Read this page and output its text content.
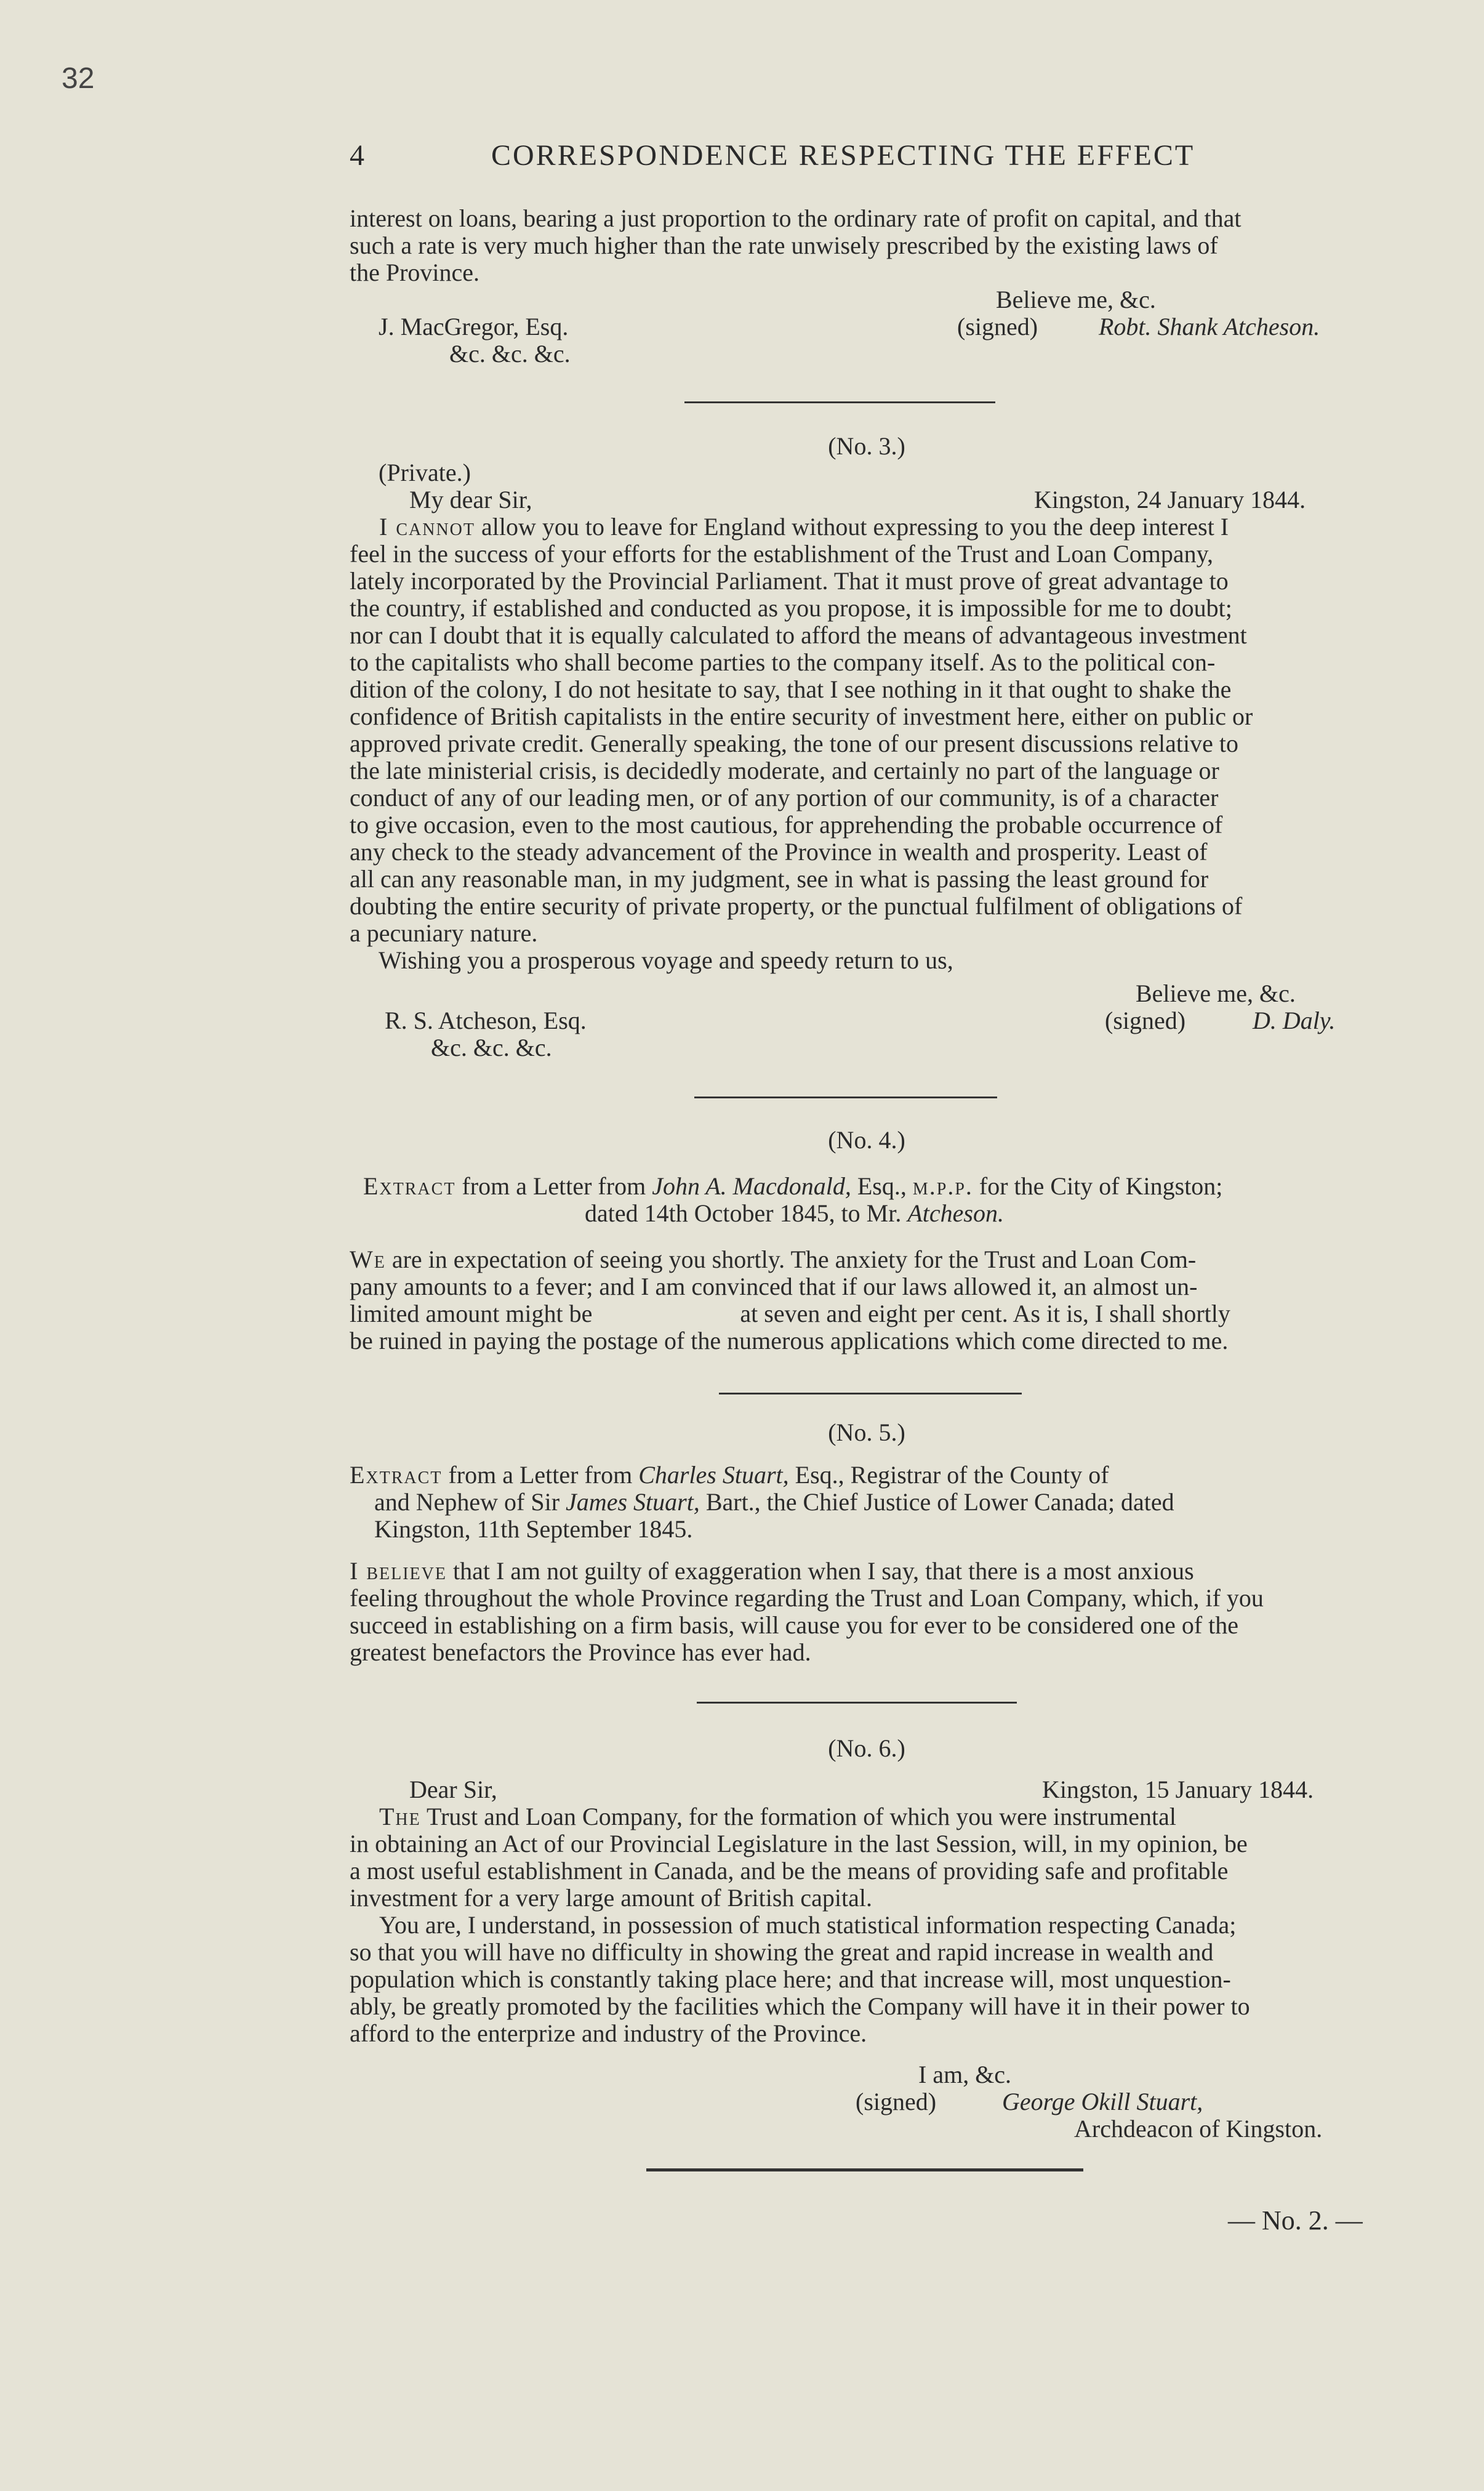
32
4	CORRESPONDENCE RESPECTING THE EFFECT

interest on loans, bearing a just proportion to the ordinary rate of profit on capital, and that

such a rate is very much higher than the rate unwisely prescribed by the existing laws of

the Province.

Believe me, &c.
J. MacGregor, Esq.	(signed) Robt. Shank Atcheson.
&c. &c. &c.
(No. 3.)
(Private.)
My dear Sir,	Kingston, 24 January 1844.

I cannot allow you to leave for England without expressing to you the deep interest I

feel in the success of your efforts for the establishment of the Trust and Loan Company,

lately incorporated by the Provincial Parliament. That it must prove of great advantage to

the country, if established and conducted as you propose, it is impossible for me to doubt;

nor can I doubt that it is equally calculated to afford the means of advantageous investment

to the capitalists who shall become parties to the company itself. As to the political con-

dition of the colony, I do not hesitate to say, that I see nothing in it that ought to shake the

confidence of British capitalists in the entire security of investment here, either on public or

approved private credit. Generally speaking, the tone of our present discussions relative to

the late ministerial crisis, is decidedly moderate, and certainly no part of the language or

conduct of any of our leading men, or of any portion of our community, is of a character

to give occasion, even to the most cautious, for apprehending the probable occurrence of

any check to the steady advancement of the Province in wealth and prosperity. Least of

all can any reasonable man, in my judgment, see in what is passing the least ground for

doubting the entire security of private property, or the punctual fulfilment of obligations of

a pecuniary nature.

Wishing you a prosperous voyage and speedy return to us,
Believe me, &c.
R. S. Atcheson, Esq.	(signed)	D. Daly.
&c. &c. &c.
(No. 4.)
Extract from a Letter from John A. Macdonald, Esq., m.p.p. for the City of Kingston;
dated 14th October 1845, to Mr. Atcheson.

We are in expectation of seeing you shortly. The anxiety for the Trust and Loan Com-

pany amounts to a fever; and I am convinced that if our laws allowed it, an almost un-

limited amount might be                        at seven and eight per cent. As it is, I shall shortly

be ruined in paying the postage of the numerous applications which come directed to me.

(No. 5.)
Extract from a Letter from Charles Stuart, Esq., Registrar of the County of
and Nephew of Sir James Stuart, Bart., the Chief Justice of Lower Canada; dated
Kingston, 11th September 1845.

I believe that I am not guilty of exaggeration when I say, that there is a most anxious

feeling throughout the whole Province regarding the Trust and Loan Company, which, if you

succeed in establishing on a firm basis, will cause you for ever to be considered one of the

greatest benefactors the Province has ever had.

(No. 6.)
Dear Sir,	Kingston, 15 January 1844.

The Trust and Loan Company, for the formation of which you were instrumental

in obtaining an Act of our Provincial Legislature in the last Session, will, in my opinion, be

a most useful establishment in Canada, and be the means of providing safe and profitable

investment for a very large amount of British capital.

You are, I understand, in possession of much statistical information respecting Canada;

so that you will have no difficulty in showing the great and rapid increase in wealth and

population which is constantly taking place here; and that increase will, most unquestion-

ably, be greatly promoted by the facilities which the Company will have it in their power to

afford to the enterprize and industry of the Province.

I am, &c.
(signed)	George Okill Stuart,
Archdeacon of Kingston.
— No. 2. —
